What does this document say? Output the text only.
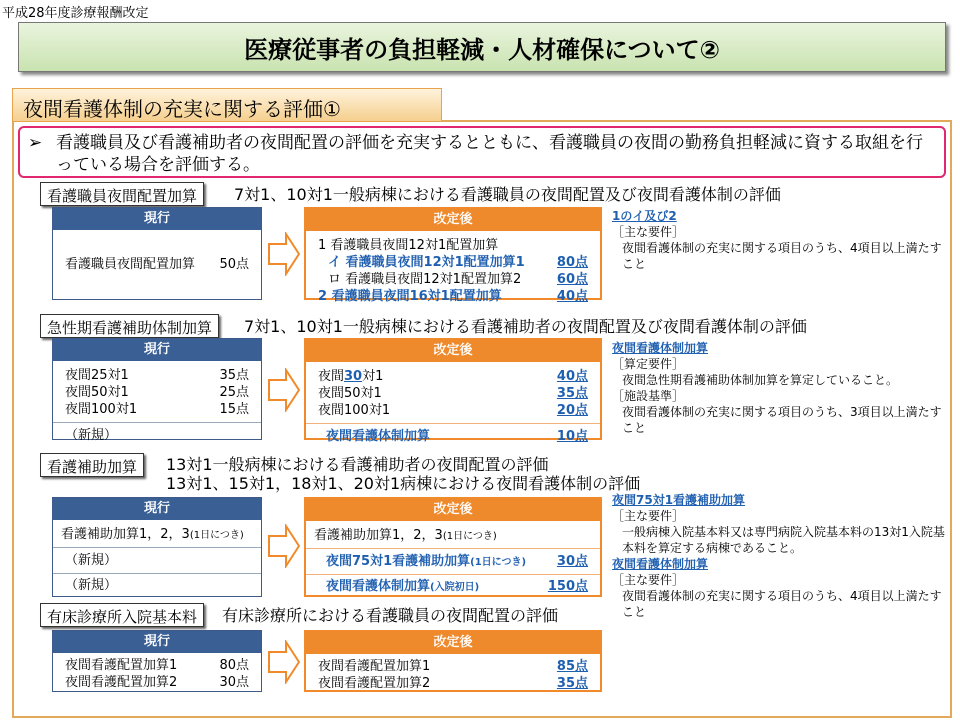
平成28年度診療報酬改定
医療従事者の負担軽減・人材確保について②
夜間看護体制の充実に関する評価①
➢ 看護職員及び看護補助者の夜間配置の評価を充実するとともに、看護職員の夜間の勤務負担軽減に資する取組を行っている場合を評価する。
看護職員夜間配置加算	7対1、10対1一般病棟における看護職員の夜間配置及び夜間看護体制の評価
現行
看護職員夜間配置加算 50点
改定後
1 看護職員夜間12対1配置加算
イ 看護職員夜間12対1配置加算1 80点
ロ 看護職員夜間12対1配置加算2	60点
2 看護職員夜間16対1配置加算	40点
1のイ及び2
［主な要件］
夜間看護体制の充実に関する項目のうち、4項目以上満たすこと
急性期看護補助体制加算	7対1、10対1一般病棟における看護補助者の夜間配置及び夜間看護体制の評価
現行
夜間25対1	35点
夜間50対1	25点
夜間100対1	15点
（新規）
改定後
夜間30対1	40点
夜間50対1	35点
夜間100対1	20点
夜間看護体制加算	10点
夜間看護体制加算
［算定要件］
夜間急性期看護補助体制加算を算定していること。
［施設基準］
夜間看護体制の充実に関する項目のうち、3項目以上満たすこと
看護補助加算	13対1一般病棟における看護補助者の夜間配置の評価
13対1、15対1，18対1、20対1病棟における夜間看護体制の評価
現行
看護補助加算1，2，3(1日につき)
（新規）
（新規）
改定後
看護補助加算1，2，3(1日につき)
夜間75対1看護補助加算(1日につき) 30点
夜間看護体制加算(入院初日)	150点
夜間75対1看護補助加算
［主な要件］
一般病棟入院基本料又は専門病院入院基本料の13対1入院基本料を算定する病棟であること。
夜間看護体制加算
［主な要件］
夜間看護体制の充実に関する項目のうち、4項目以上満たすこと
有床診療所入院基本料	有床診療所における看護職員の夜間配置の評価
現行
夜間看護配置加算1	80点
夜間看護配置加算2	30点
改定後
夜間看護配置加算1	85点
夜間看護配置加算2	35点
